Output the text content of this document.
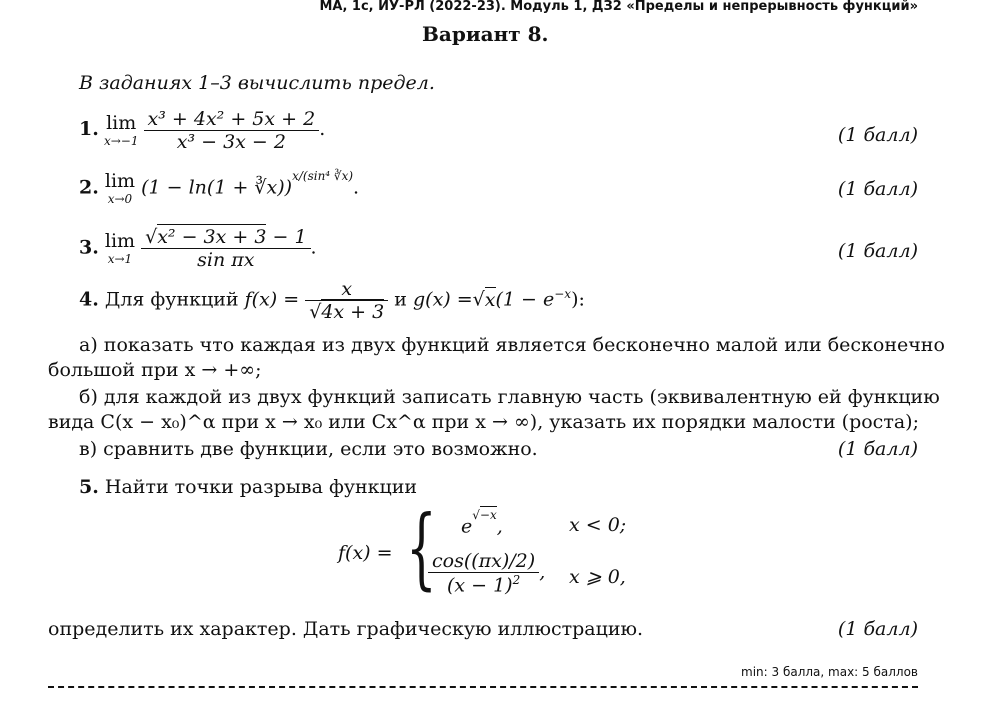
МА, 1с, ИУ-РЛ (2022-23). Модуль 1, ДЗ2 «Пределы и непрерывность функций»
Вариант 8.
В заданиях 1–3 вычислить предел.
1. lim
x→−1
$\frac{\text{x³ + 4x² + 5x + 2}}{\text{x³ − 3x − 2}}$ .	(1 балл)
2. lim
x→0
(1 − ln(1 + ∛x))$^{x/(sin^4 ∛x)}$.	(1 балл)
3. lim
x→1
$\frac{\text{√x² − 3x + 3 − 1}}{\text{sin πx}}$ .	(1 балл)
4. Для функций $f(x) = \frac{x}{√4x + 3}$ и $g(x) =√x(1 - e^{-x})$:
а) показать что каждая из двух функций является бесконечно малой или бесконечно
большой при x → +∞;
б) для каждой из двух функций записать главную часть (эквивалентную ей функцию
вида C(x − x₀)^α при x → x₀ или Cx^α при x → ∞), указать их порядки малости (роста);
в) сравнить две функции, если это возможно.	(1 балл)
5. Найти точки разрыва функции
f(x) = { $e^{√-x}$,	x < 0;
$\frac{\cos((\pi x)/2)}{(x - 1)^2}$ , x ⩾ 0,
определить их характер. Дать графическую иллюстрацию.	(1 балл)
min: 3 балла, max: 5 баллов
